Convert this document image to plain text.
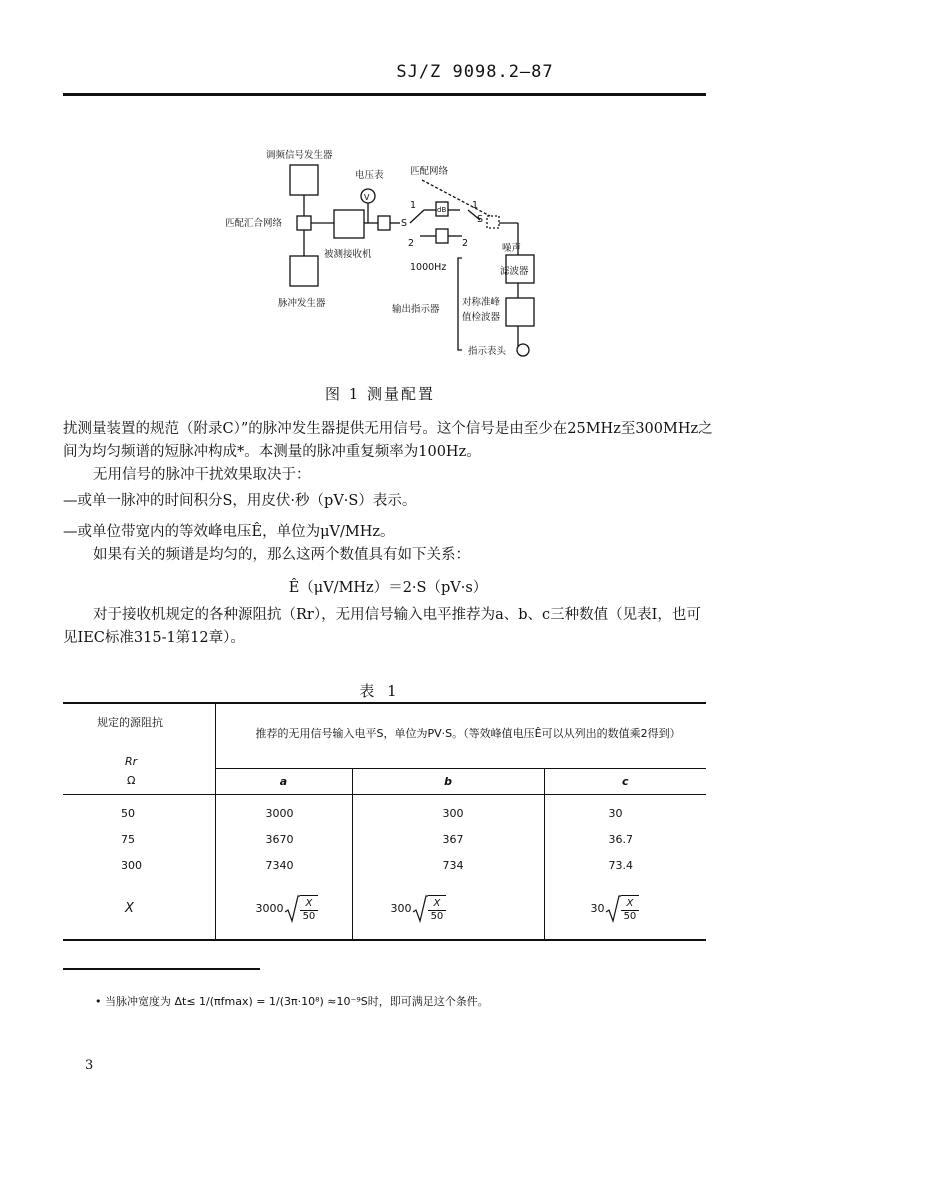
SJ/Z 9098.2—87
调频信号发生器
电压表
V
匹配网络
匹配汇合网络
被测接收机
脉冲发生器
S	S
1
2
1
2
dB
1000Hz
噪声
滤波器
输出指示器
对称准峰
值检波器
指示表头
图 1 测量配置

扰测量装置的规范（附录C）”的脉冲发生器提供无用信号。这个信号是由至少在25MHz至300MHz之间为均匀频谱的短脉冲构成*。本测量的脉冲重复频率为100Hz。

无用信号的脉冲干扰效果取决于：

—或单一脉冲的时间积分S，用皮伏·秒（pV·S）表示。

—或单位带宽内的等效峰电压Ê，单位为μV/MHz。

如果有关的频谱是均匀的，那么这两个数值具有如下关系：

Ê（μV/MHz）＝2·S（pV·s）

对于接收机规定的各种源阻抗（Rr），无用信号输入电平推荐为a、b、c三种数值（见表Ⅰ，也可见IEC标准315-1第12章）。

表 1
规定的源阻抗	推荐的无用信号输入电平S，单位为PV·S。（等效峰值电压Ê可以从列出的数值乘2得到）		
Rr			
Ω	a	b	c

50	3000	300	30
75	3670	367	36.7
300	7340	734	73.4
X	$3000 \frac{X}{50}$	$300 \frac{X}{50}$	$30 \frac{X}{50}$
• 当脉冲宽度为 Δt≤ 1/(πfmax) = 1/(3π·10⁸) ≈10⁻⁹S时，即可满足这个条件。
3
